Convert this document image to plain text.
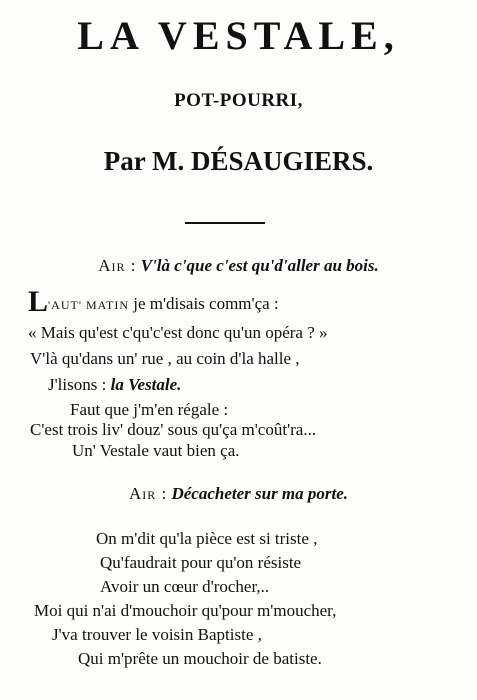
LA VESTALE,
POT-POURRI,
Par M. DÉSAUGIERS.
Air : V'là c'que c'est qu'd'aller au bois.
L'AUT' MATIN je m'disais comm'ça :
« Mais qu'est c'qu'c'est donc qu'un opéra ? »
V'là qu'dans un' rue , au coin d'la halle ,
J'lisons : la Vestale.
Faut que j'm'en régale :
C'est trois liv' douz' sous qu'ça m'coût'ra...
Un' Vestale vaut bien ça.
Air : Décacheter sur ma porte.
On m'dit qu'la pièce est si triste ,
Qu'faudrait pour qu'on résiste
Avoir un cœur d'rocher,..
Moi qui n'ai d'mouchoir qu'pour m'moucher,
J'va trouver le voisin Baptiste ,
Qui m'prête un mouchoir de batiste.
